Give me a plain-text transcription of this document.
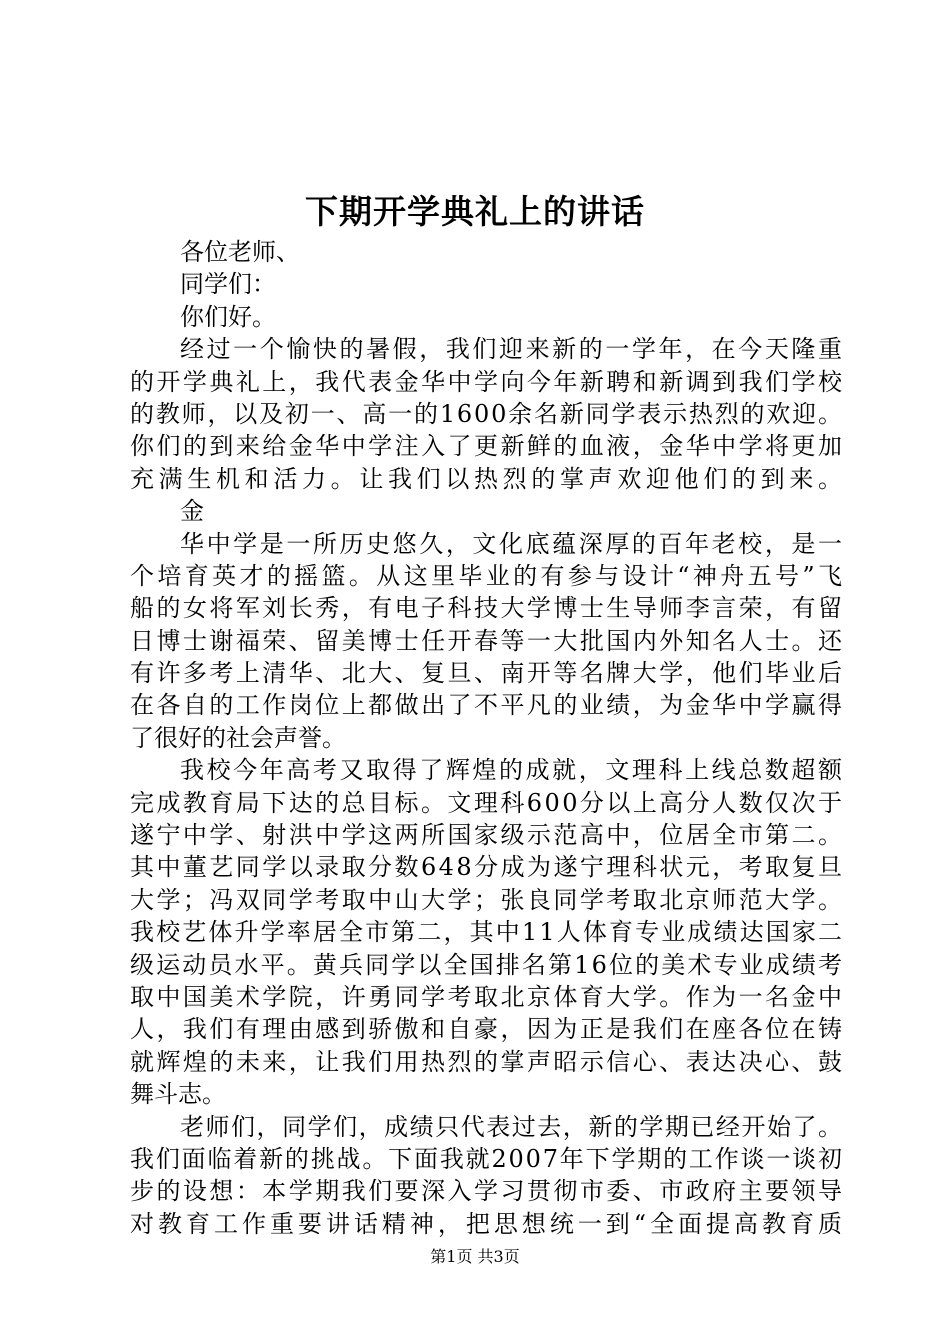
下期开学典礼上的讲话
各位老师、
同学们：
你们好。
经过一个愉快的暑假，我们迎来新的一学年，在今天隆重
的开学典礼上，我代表金华中学向今年新聘和新调到我们学校
的教师，以及初一、高一的1600余名新同学表示热烈的欢迎。
你们的到来给金华中学注入了更新鲜的血液，金华中学将更加
充满生机和活力。让我们以热烈的掌声欢迎他们的到来。
金
华中学是一所历史悠久，文化底蕴深厚的百年老校，是一
个培育英才的摇篮。从这里毕业的有参与设计“神舟五号”飞
船的女将军刘长秀，有电子科技大学博士生导师李言荣，有留
日博士谢福荣、留美博士任开春等一大批国内外知名人士。还
有许多考上清华、北大、复旦、南开等名牌大学，他们毕业后
在各自的工作岗位上都做出了不平凡的业绩，为金华中学赢得
了很好的社会声誉。
我校今年高考又取得了辉煌的成就，文理科上线总数超额
完成教育局下达的总目标。文理科600分以上高分人数仅次于
遂宁中学、射洪中学这两所国家级示范高中，位居全市第二。
其中董艺同学以录取分数648分成为遂宁理科状元，考取复旦
大学；冯双同学考取中山大学；张良同学考取北京师范大学。
我校艺体升学率居全市第二，其中11人体育专业成绩达国家二
级运动员水平。黄兵同学以全国排名第16位的美术专业成绩考
取中国美术学院，许勇同学考取北京体育大学。作为一名金中
人，我们有理由感到骄傲和自豪，因为正是我们在座各位在铸
就辉煌的未来，让我们用热烈的掌声昭示信心、表达决心、鼓
舞斗志。
老师们，同学们，成绩只代表过去，新的学期已经开始了。
我们面临着新的挑战。下面我就2007年下学期的工作谈一谈初
步的设想：本学期我们要深入学习贯彻市委、市政府主要领导
对教育工作重要讲话精神，把思想统一到“全面提高教育质

第1页 共3页
